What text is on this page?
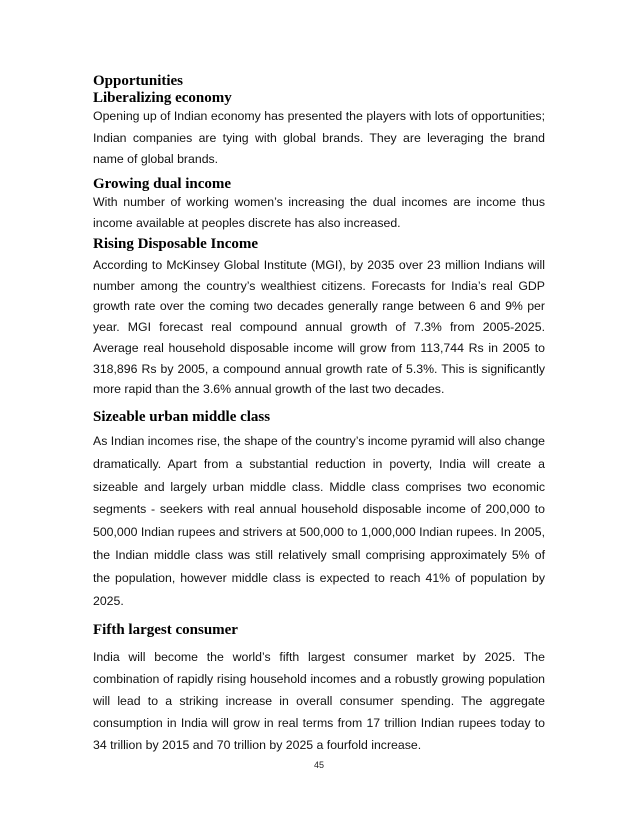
Opportunities
Liberalizing economy

Opening up of Indian economy has presented the players with lots of opportunities; Indian companies are tying with global brands. They are leveraging the brand name of global brands.

Growing dual income

With number of working women’s increasing the dual incomes are income thus income available at peoples discrete has also increased.

Rising Disposable Income

According to McKinsey Global Institute (MGI), by 2035 over 23 million Indians will number among the country’s wealthiest citizens. Forecasts for India’s real GDP growth rate over the coming two decades generally range between 6 and 9% per year. MGI forecast real compound annual growth of 7.3% from 2005-2025. Average real household disposable income will grow from 113,744 Rs in 2005 to 318,896 Rs by 2005, a compound annual growth rate of 5.3%. This is significantly more rapid than the 3.6% annual growth of the last two decades.

Sizeable urban middle class

As Indian incomes rise, the shape of the country’s income pyramid will also change dramatically. Apart from a substantial reduction in poverty, India will create a sizeable and largely urban middle class. Middle class comprises two economic segments - seekers with real annual household disposable income of 200,000 to 500,000 Indian rupees and strivers at 500,000 to 1,000,000 Indian rupees. In 2005, the Indian middle class was still relatively small comprising approximately 5% of the population, however middle class is expected to reach 41% of population by 2025.

Fifth largest consumer

India will become the world’s fifth largest consumer market by 2025. The combination of rapidly rising household incomes and a robustly growing population will lead to a striking increase in overall consumer spending. The aggregate consumption in India will grow in real terms from 17 trillion Indian rupees today to 34 trillion by 2015 and 70 trillion by 2025 a fourfold increase.

45
